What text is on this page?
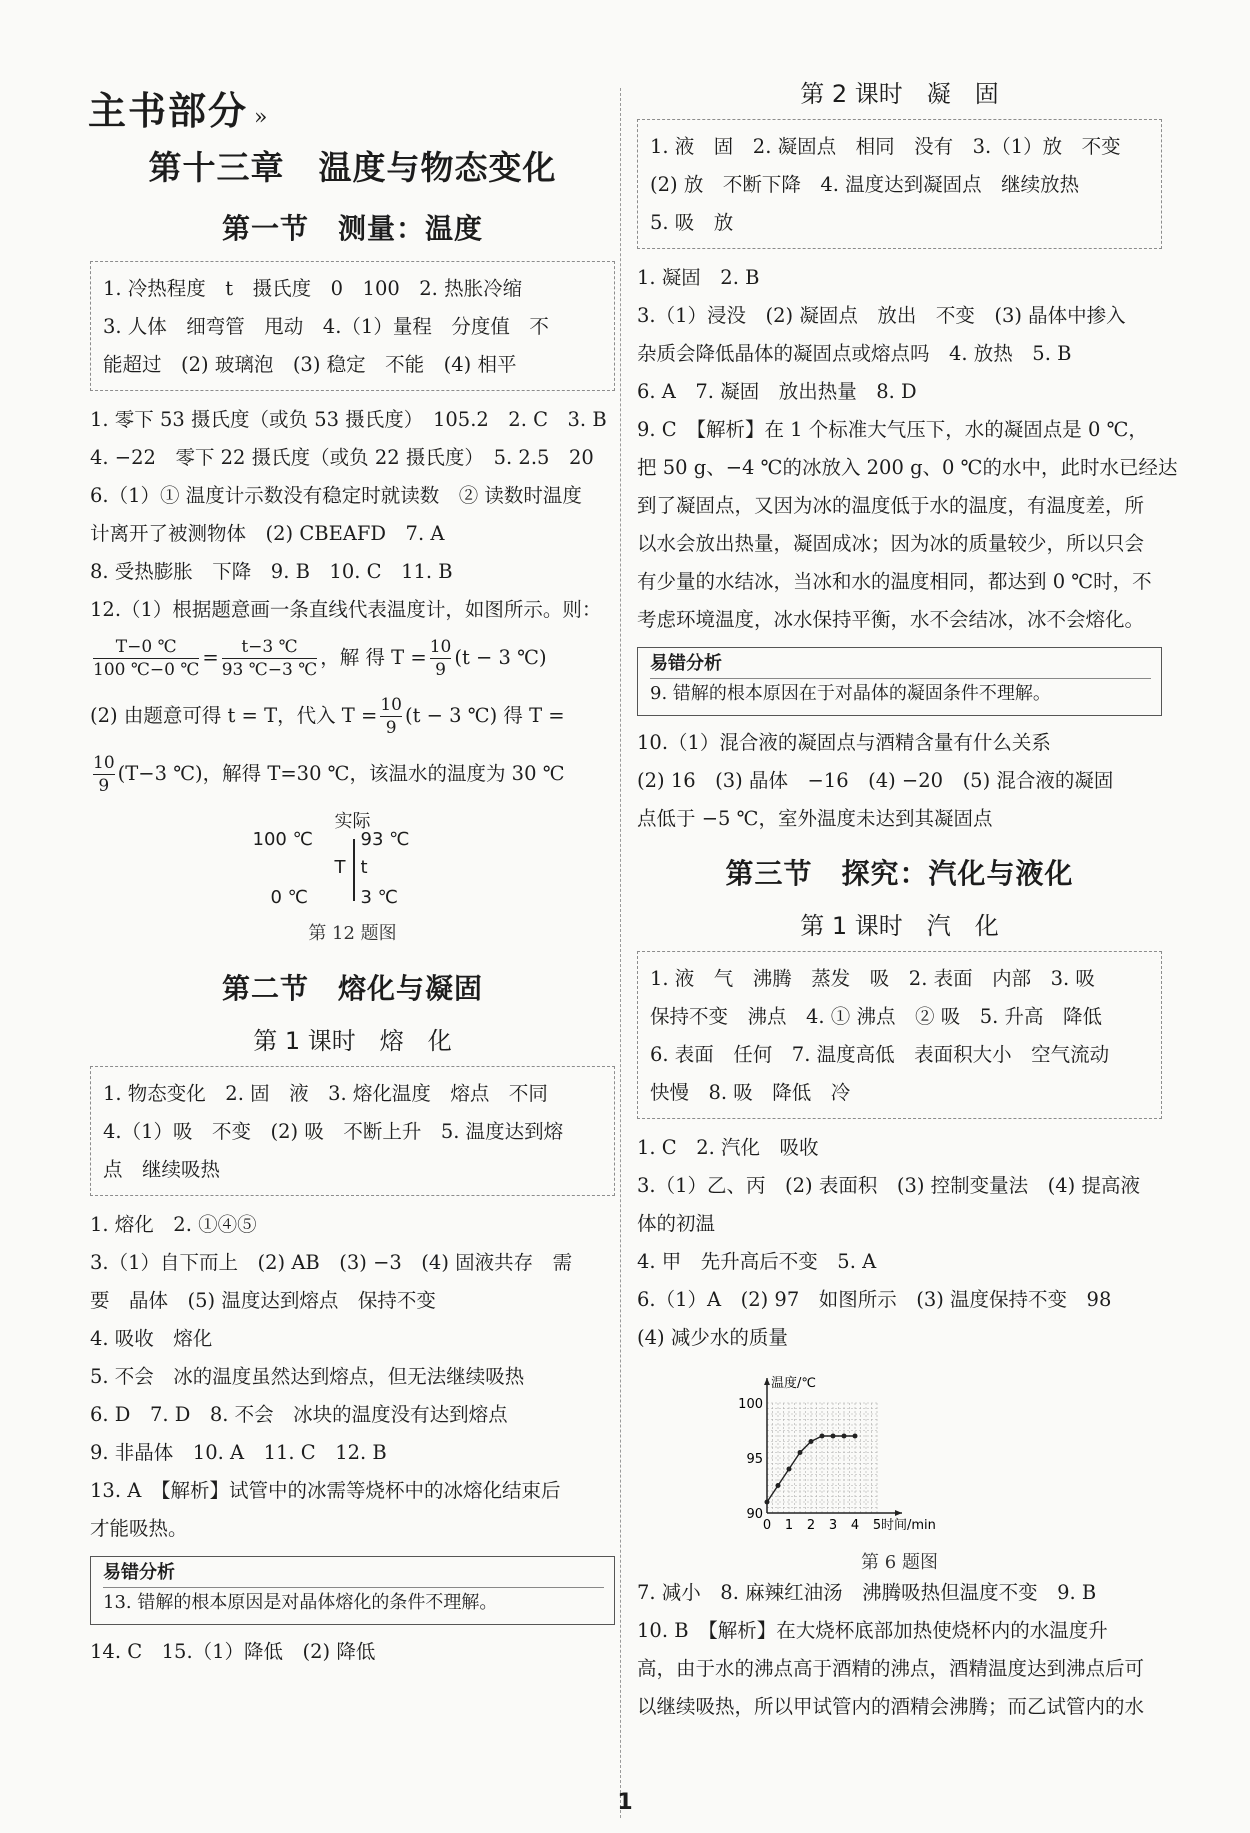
主书部分 »
第十三章　温度与物态变化
第一节　测量：温度
1. 冷热程度　t　摄氏度　0　100　2. 热胀冷缩
3. 人体　细弯管　甩动　4.（1）量程　分度值　不
能超过　(2) 玻璃泡　(3) 稳定　不能　(4) 相平
1. 零下 53 摄氏度（或负 53 摄氏度）　105.2　2. C　3. B
4. −22　零下 22 摄氏度（或负 22 摄氏度）　5. 2.5　20
6.（1）① 温度计示数没有稳定时就读数　② 读数时温度
计离开了被测物体　(2) CBEAFD　7. A
8. 受热膨胀　下降　9. B　10. C　11. B
12.（1）根据题意画一条直线代表温度计，如图所示。则：
$\frac{T-0 ℃}{100 ℃-0 ℃} = \frac{t-3 ℃}{93 ℃-3 ℃}$ ，解 得 $T = \frac{10}{9} (t - 3$ ℃)
(2) 由题意可得 t = T，代入 $T = \frac{10}{9} (t - 3$ ℃) 得 T =
$\frac{10}{9} (T-3$ ℃)，解得 T=30 ℃，该温水的温度为 30 ℃
实际
100 ℃	93 ℃
T t
0 ℃	3 ℃
第 12 题图
第二节　熔化与凝固
第 1 课时　熔　化
1. 物态变化　2. 固　液　3. 熔化温度　熔点　不同
4.（1）吸　不变　(2) 吸　不断上升　5. 温度达到熔
点　继续吸热
1. 熔化　2. ①④⑤
3.（1）自下而上　(2) AB　(3) −3　(4) 固液共存　需
要　晶体　(5) 温度达到熔点　保持不变
4. 吸收　熔化
5. 不会　冰的温度虽然达到熔点，但无法继续吸热
6. D　7. D　8. 不会　冰块的温度没有达到熔点
9. 非晶体　10. A　11. C　12. B
13. A　【解析】试管中的冰需等烧杯中的冰熔化结束后
才能吸热。
易错分析
13. 错解的根本原因是对晶体熔化的条件不理解。
14. C　15.（1）降低　(2) 降低
第 2 课时　凝　固
1. 液　固　2. 凝固点　相同　没有　3.（1）放　不变
(2) 放　不断下降　4. 温度达到凝固点　继续放热
5. 吸　放
1. 凝固　2. B
3.（1）浸没　(2) 凝固点　放出　不变　(3) 晶体中掺入
杂质会降低晶体的凝固点或熔点吗　4. 放热　5. B
6. A　7. 凝固　放出热量　8. D
9. C　【解析】在 1 个标准大气压下，水的凝固点是 0 ℃，
把 50 g、−4 ℃的冰放入 200 g、0 ℃的水中，此时水已经达
到了凝固点，又因为冰的温度低于水的温度，有温度差，所
以水会放出热量，凝固成冰；因为冰的质量较少，所以只会
有少量的水结冰，当冰和水的温度相同，都达到 0 ℃时，不
考虑环境温度，冰水保持平衡，水不会结冰，冰不会熔化。
易错分析
9. 错解的根本原因在于对晶体的凝固条件不理解。
10.（1）混合液的凝固点与酒精含量有什么关系
(2) 16　(3) 晶体　−16　(4) −20　(5) 混合液的凝固
点低于 −5 ℃，室外温度未达到其凝固点
第三节　探究：汽化与液化
第 1 课时　汽　化
1. 液　气　沸腾　蒸发　吸　2. 表面　内部　3. 吸
保持不变　沸点　4. ① 沸点　② 吸　5. 升高　降低
6. 表面　任何　7. 温度高低　表面积大小　空气流动
快慢　8. 吸　降低　冷
1. C　2. 汽化　吸收
3.（1）乙、丙　(2) 表面积　(3) 控制变量法　(4) 提高液
体的初温
4. 甲　先升高后不变　5. A
6.（1）A　(2) 97　如图所示　(3) 温度保持不变　98
(4) 减少水的质量
0 1 2 3 4 5
90
95
100
时间/min
温度/℃
第 6 题图
7. 减小　8. 麻辣红油汤　沸腾吸热但温度不变　9. B
10. B　【解析】在大烧杯底部加热使烧杯内的水温度升
高，由于水的沸点高于酒精的沸点，酒精温度达到沸点后可
以继续吸热，所以甲试管内的酒精会沸腾；而乙试管内的水
1
